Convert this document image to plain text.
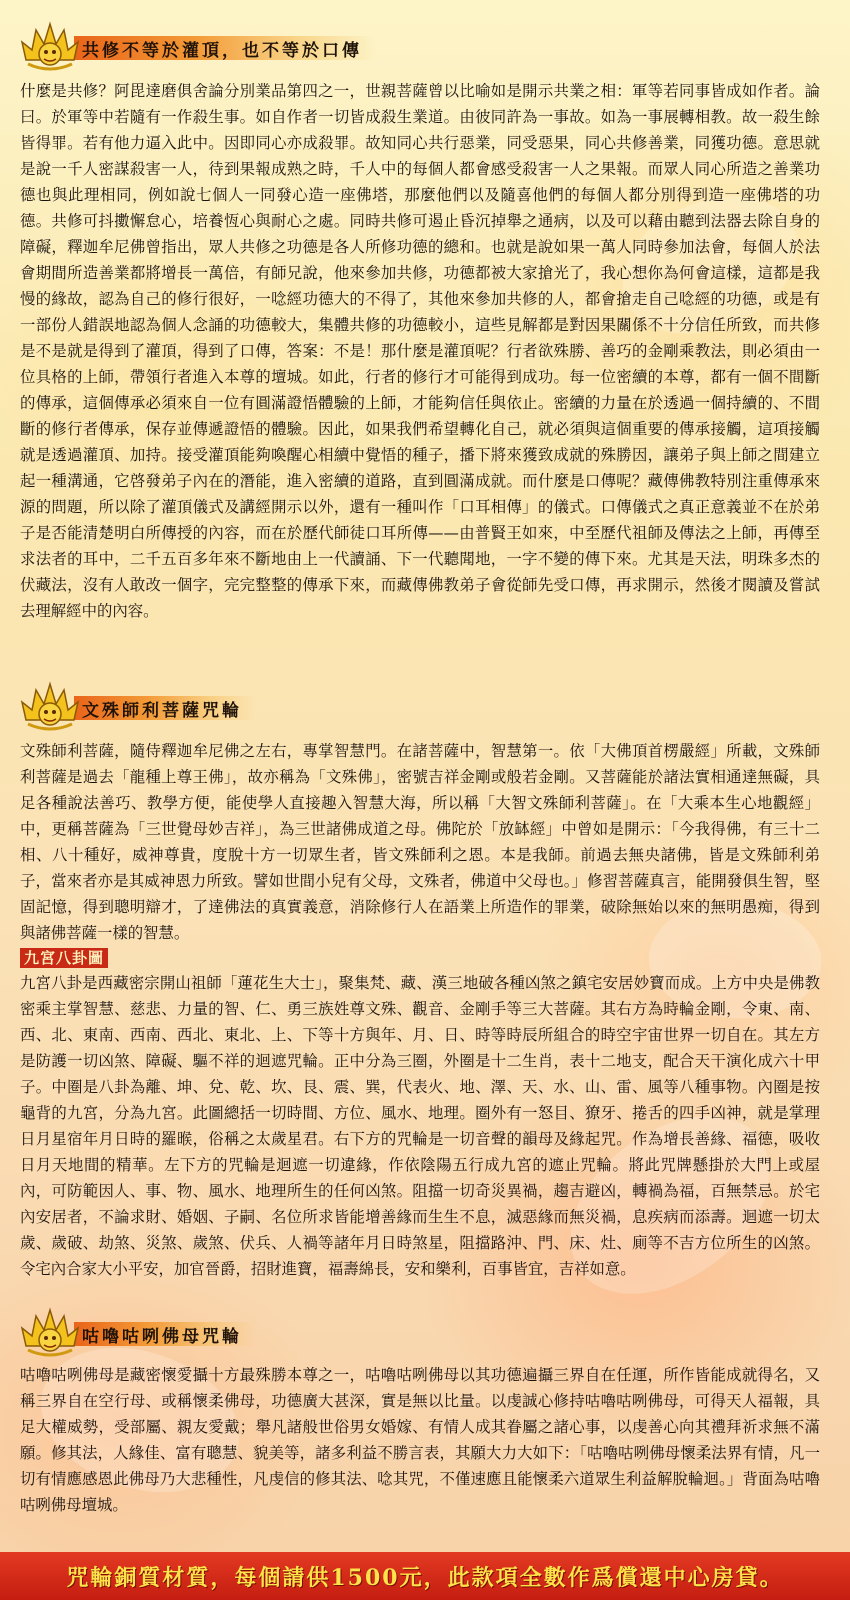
共修不等於灌頂，也不等於口傳

什麼是共修？阿毘達磨俱舍論分別業品第四之一，世親菩薩曾以比喻如是開示共業之相：軍等若同事皆成如作者。論曰。於軍等中若隨有一作殺生事。如自作者一切皆成殺生業道。由彼同許為一事故。如為一事展轉相教。故一殺生餘皆得罪。若有他力逼入此中。因即同心亦成殺罪。故知同心共行惡業，同受惡果，同心共修善業，同獲功德。意思就是說一千人密謀殺害一人，待到果報成熟之時，千人中的每個人都會感受殺害一人之果報。而眾人同心所造之善業功德也與此理相同，例如說七個人一同發心造一座佛塔，那麼他們以及隨喜他們的每個人都分別得到造一座佛塔的功德。共修可抖擻懈怠心，培養恆心與耐心之處。同時共修可遏止昏沉掉舉之通病，以及可以藉由聽到法器去除自身的障礙，釋迦牟尼佛曾指出，眾人共修之功德是各人所修功德的總和。也就是說如果一萬人同時參加法會，每個人於法會期間所造善業都將增長一萬倍，有師兄說，他來參加共修，功德都被大家搶光了，我心想你為何會這樣，這都是我慢的緣故，認為自己的修行很好，一唸經功德大的不得了，其他來參加共修的人，都會搶走自己唸經的功德，或是有一部份人錯誤地認為個人念誦的功德較大，集體共修的功德較小，這些見解都是對因果關係不十分信任所致，而共修是不是就是得到了灌頂，得到了口傳，答案：不是！那什麼是灌頂呢？行者欲殊勝、善巧的金剛乘教法，則必須由一位具格的上師，帶領行者進入本尊的壇城。如此，行者的修行才可能得到成功。每一位密續的本尊，都有一個不間斷的傳承，這個傳承必須來自一位有圓滿證悟體驗的上師，才能夠信任與依止。密續的力量在於透過一個持續的、不間斷的修行者傳承，保存並傳遞證悟的體驗。因此，如果我們希望轉化自己，就必須與這個重要的傳承接觸，這項接觸就是透過灌頂、加持。接受灌頂能夠喚醒心相續中覺悟的種子，播下將來獲致成就的殊勝因，讓弟子與上師之間建立起一種溝通，它啓發弟子內在的潛能，進入密續的道路，直到圓滿成就。而什麼是口傳呢？藏傳佛教特別注重傳承來源的問題，所以除了灌頂儀式及講經開示以外，還有一種叫作「口耳相傳」的儀式。口傳儀式之真正意義並不在於弟子是否能清楚明白所傳授的內容，而在於歷代師徒口耳所傳——由普賢王如來，中至歷代祖師及傳法之上師，再傳至求法者的耳中，二千五百多年來不斷地由上一代讀誦、下一代聽聞地，一字不變的傳下來。尤其是天法，明珠多杰的伏藏法，沒有人敢改一個字，完完整整的傳承下來，而藏傳佛教弟子會從師先受口傳，再求開示，然後才閱讀及嘗試去理解經中的內容。

文殊師利菩薩咒輪

文殊師利菩薩，隨侍釋迦牟尼佛之左右，專掌智慧門。在諸菩薩中，智慧第一。依「大佛頂首楞嚴經」所載，文殊師利菩薩是過去「龍種上尊王佛」，故亦稱為「文殊佛」，密號吉祥金剛或般若金剛。又菩薩能於諸法實相通達無礙，具足各種說法善巧、教學方便，能使學人直接趣入智慧大海，所以稱「大智文殊師利菩薩」。在「大乘本生心地觀經」中，更稱菩薩為「三世覺母妙吉祥」，為三世諸佛成道之母。佛陀於「放缽經」中曾如是開示：「今我得佛，有三十二相、八十種好，威神尊貴，度脫十方一切眾生者，皆文殊師利之恩。本是我師。前過去無央諸佛，皆是文殊師利弟子，當來者亦是其威神恩力所致。譬如世間小兒有父母，文殊者，佛道中父母也。」修習菩薩真言，能開發俱生智，堅固記憶，得到聰明辯才，了達佛法的真實義意，消除修行人在語業上所造作的罪業，破除無始以來的無明愚痴，得到與諸佛菩薩一樣的智慧。

九宮八卦圖

九宮八卦是西藏密宗開山祖師「蓮花生大士」，聚集梵、藏、漢三地破各種凶煞之鎮宅安居妙寶而成。上方中央是佛教密乘主掌智慧、慈悲、力量的智、仁、勇三族姓尊文殊、觀音、金剛手等三大菩薩。其右方為時輪金剛，令東、南、西、北、東南、西南、西北、東北、上、下等十方與年、月、日、時等時辰所組合的時空宇宙世界一切自在。其左方是防護一切凶煞、障礙、驅不祥的迴遮咒輪。正中分為三圈，外圈是十二生肖，表十二地支，配合天干演化成六十甲子。中圈是八卦為離、坤、兌、乾、坎、艮、震、巽，代表火、地、澤、天、水、山、雷、風等八種事物。內圈是按龜背的九宮，分為九宮。此圖總括一切時間、方位、風水、地理。圈外有一怒目、獠牙、捲舌的四手凶神，就是掌理日月星宿年月日時的羅㬋，俗稱之太歲星君。右下方的咒輪是一切音聲的韻母及緣起咒。作為增長善緣、福德，吸收日月天地間的精華。左下方的咒輪是迴遮一切違緣，作依陰陽五行成九宮的遮止咒輪。將此咒牌懸掛於大門上或屋內，可防範因人、事、物、風水、地理所生的任何凶煞。阻擋一切奇災異禍，趨吉避凶，轉禍為福，百無禁忌。於宅內安居者，不論求財、婚姻、子嗣、名位所求皆能增善緣而生生不息，滅惡緣而無災禍，息疾病而添壽。迴遮一切太歲、歲破、劫煞、災煞、歲煞、伏兵、人禍等諸年月日時煞星，阻擋路沖、門、床、灶、廁等不吉方位所生的凶煞。令宅內合家大小平安，加官晉爵，招財進寶，福壽綿長，安和樂利，百事皆宜，吉祥如意。

咕嚕咕咧佛母咒輪

咕嚕咕咧佛母是藏密懷愛攝十方最殊勝本尊之一，咕嚕咕咧佛母以其功德遍攝三界自在任運，所作皆能成就得名，又稱三界自在空行母、或稱懷柔佛母，功德廣大甚深，實是無以比量。以虔誠心修持咕嚕咕咧佛母，可得天人福報，具足大權威勢，受部屬、親友愛戴；舉凡諸般世俗男女婚嫁、有情人成其眷屬之諸心事，以虔善心向其禮拜祈求無不滿願。修其法，人緣佳、富有聰慧、貌美等，諸多利益不勝言表，其願大力大如下：「咕嚕咕咧佛母懷柔法界有情，凡一切有情應感恩此佛母乃大悲種性，凡虔信的修其法、唸其咒，不僅速應且能懷柔六道眾生利益解脫輪迴。」背面為咕嚕咕咧佛母壇城。

咒輪銅質材質，每個請供1500元，此款項全數作爲償還中心房貸。
